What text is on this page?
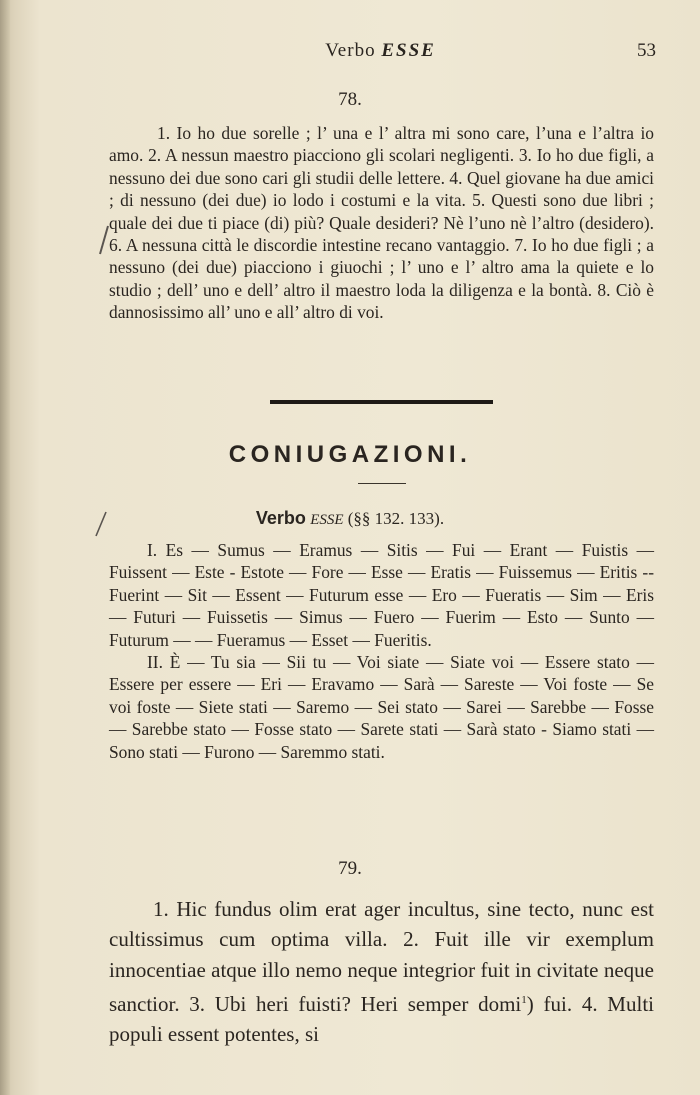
Verbo ESSE	53
78.

1. Io ho due sorelle ; l’ una e l’ altra mi sono care, l’una e l’altra io amo. 2. A nessun maestro piacciono gli scolari negligenti. 3. Io ho due figli, a nessuno dei due sono cari gli studii delle lettere. 4. Quel giovane ha due amici ; di nessuno (dei due) io lodo i costumi e la vita. 5. Questi sono due libri ; quale dei due ti piace (di) più? Quale desideri? Nè l’uno nè l’altro (desidero). 6. A nessuna città le discordie intestine recano vantaggio. 7. Io ho due figli ; a nessuno (dei due) piacciono i giuochi ; l’ uno e l’ altro ama la quiete e lo studio ; dell’ uno e dell’ altro il maestro loda la diligenza e la bontà. 8. Ciò è dannosissimo all’ uno e all’ altro di voi.

CONIUGAZIONI.
Verbo ESSE (§§ 132. 133).

I. Es — Sumus — Eramus — Sitis — Fui — Erant — Fuistis — Fuissent — Este - Estote — Fore — Esse — Eratis — Fuissemus — Eritis -- Fuerint — Sit — Essent — Futurum esse — Ero — Fueratis — Sim — Eris — Futuri — Fuissetis — Simus — Fuero — Fuerim — Esto — Sunto — Futurum — — Fueramus — Esset — Fueritis.

II. È — Tu sia — Sii tu — Voi siate — Siate voi — Essere stato — Essere per essere — Eri — Eravamo — Sarà — Sareste — Voi foste — Se voi foste — Siete stati — Saremo — Sei stato — Sarei — Sarebbe — Fosse — Sarebbe stato — Fosse stato — Sarete stati — Sarà stato - Siamo stati — Sono stati — Furono — Saremmo stati.

79.

1. Hic fundus olim erat ager incultus, sine tecto, nunc est cultissimus cum optima villa. 2. Fuit ille vir exemplum innocentiae atque illo nemo neque integrior fuit in civitate neque sanctior. 3. Ubi heri fuisti? Heri semper domi$^1$) fui. 4. Multi populi essent potentes, si
